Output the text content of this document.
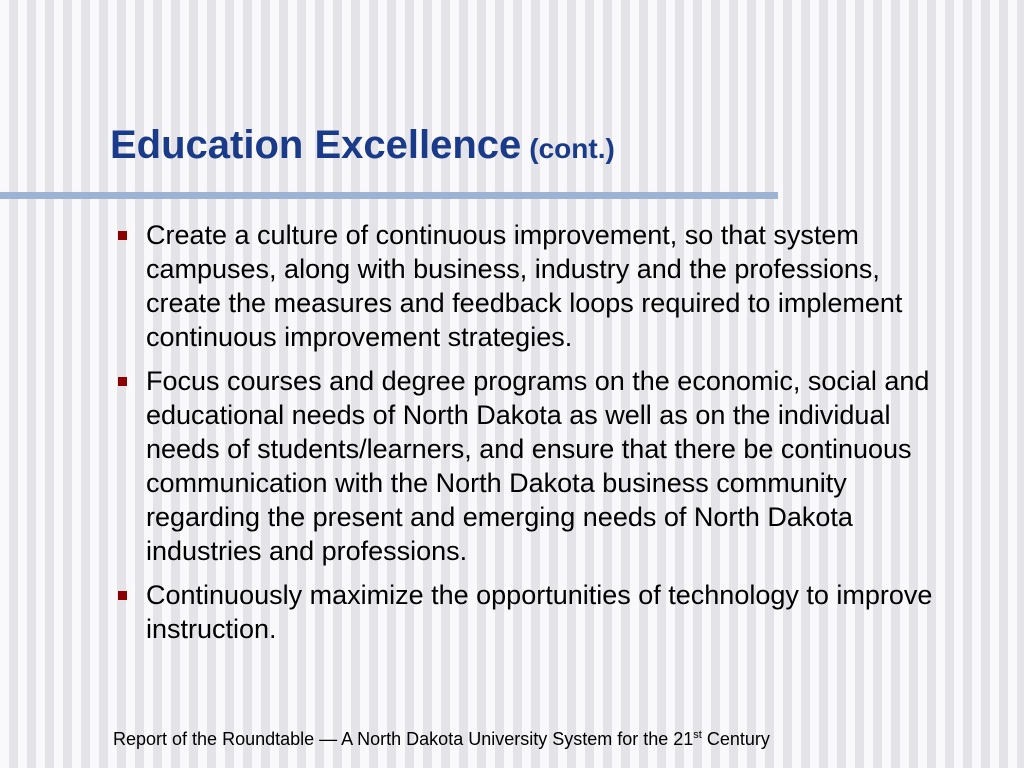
Education Excellence (cont.)
Create a culture of continuous improvement, so that system campuses, along with business, industry and the professions, create the measures and feedback loops required to implement continuous improvement strategies.
Focus courses and degree programs on the economic, social and educational needs of North Dakota as well as on the individual needs of students/learners, and ensure that there be continuous communication with the North Dakota business community regarding the present and emerging needs of North Dakota industries and professions.
Continuously maximize the opportunities of technology to improve instruction.
Report of the Roundtable — A North Dakota University System for the 21st Century
